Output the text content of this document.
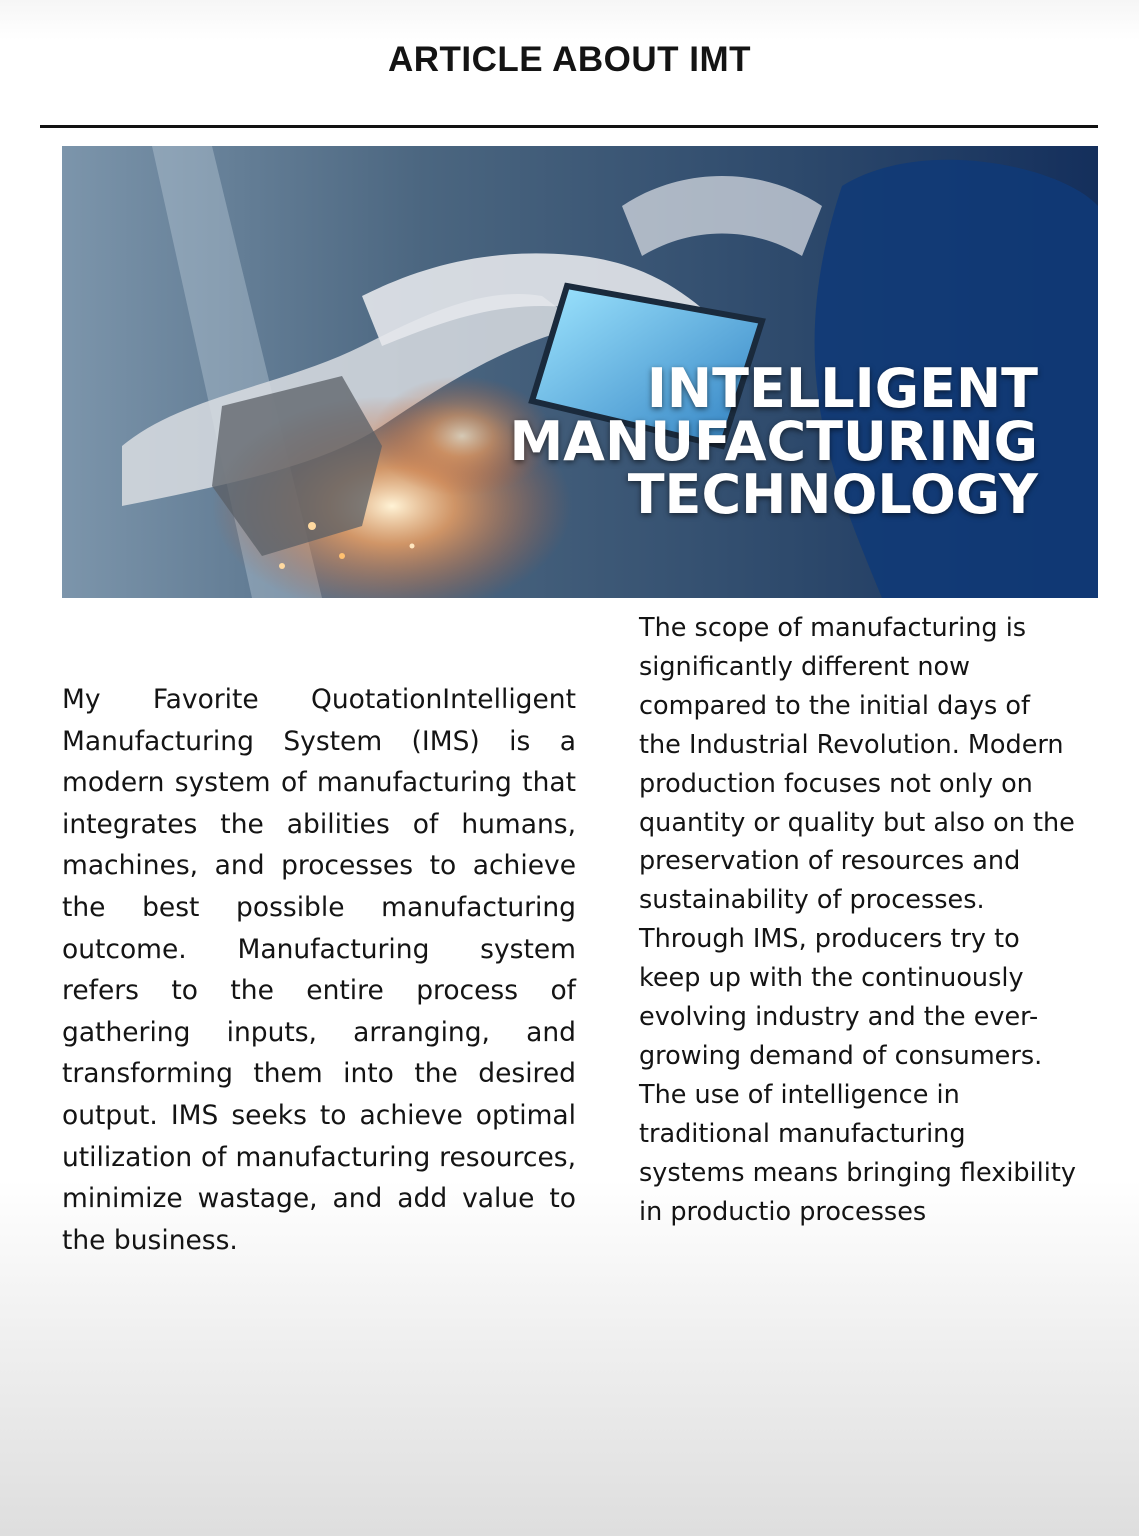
ARTICLE ABOUT IMT
INTELLIGENT
MANUFACTURING
TECHNOLOGY
My Favorite QuotationIntelligent Manufacturing System (IMS) is a modern system of manufacturing that integrates the abilities of humans, machines, and processes to achieve the best possible manufacturing outcome. Manufacturing system refers to the entire process of gathering inputs, arranging, and transforming them into the desired output. IMS seeks to achieve optimal utilization of manufacturing resources, minimize wastage, and add value to the business.

The scope of manufacturing is significantly different now compared to the initial days of the Industrial Revolution. Modern production focuses not only on quantity or quality but also on the preservation of resources and sustainability of processes. Through IMS, producers try to keep up with the continuously evolving industry and the ever-growing demand of consumers.

The use of intelligence in traditional manufacturing systems means bringing flexibility in productio processes
